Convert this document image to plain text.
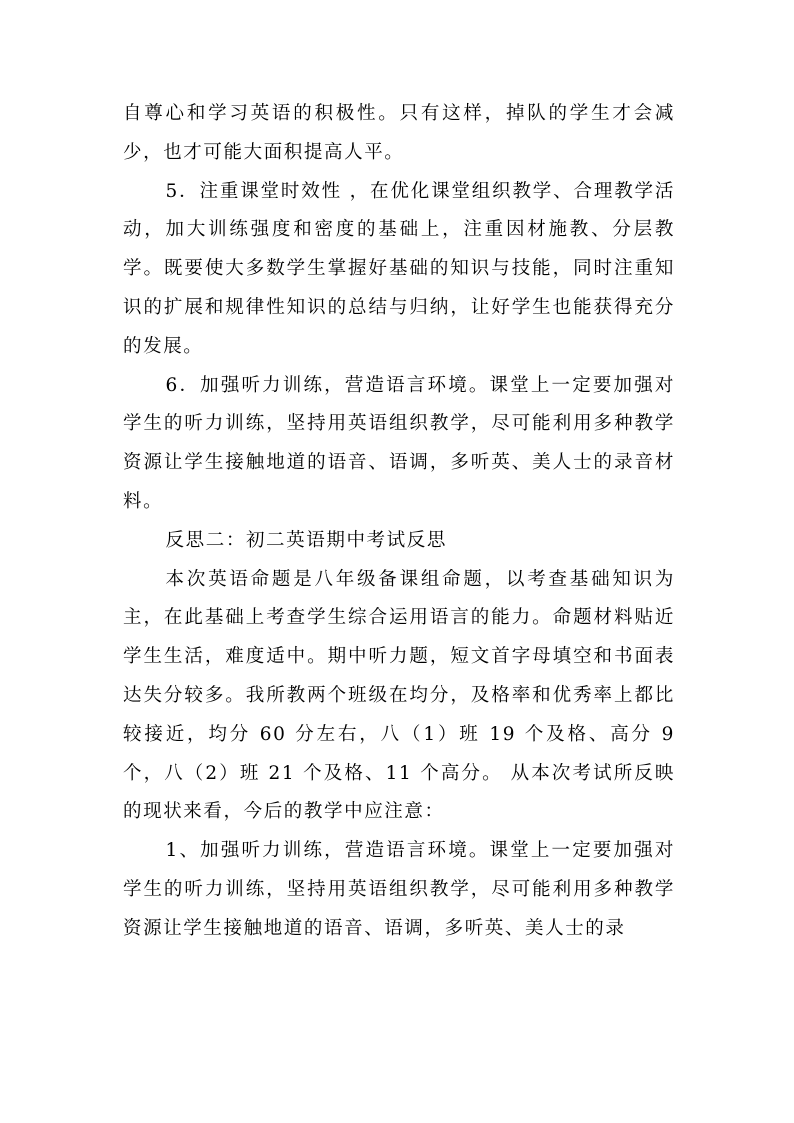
自尊心和学习英语的积极性。只有这样，掉队的学生才会减少，也才可能大面积提高人平。

5．注重课堂时效性 ，在优化课堂组织教学、合理教学活动，加大训练强度和密度的基础上，注重因材施教、分层教学。既要使大多数学生掌握好基础的知识与技能，同时注重知识的扩展和规律性知识的总结与归纳，让好学生也能获得充分的发展。

6．加强听力训练，营造语言环境。课堂上一定要加强对学生的听力训练，坚持用英语组织教学，尽可能利用多种教学资源让学生接触地道的语音、语调，多听英、美人士的录音材料。

反思二：初二英语期中考试反思

本次英语命题是八年级备课组命题，以考查基础知识为主，在此基础上考查学生综合运用语言的能力。命题材料贴近学生生活，难度适中。期中听力题，短文首字母填空和书面表达失分较多。我所教两个班级在均分，及格率和优秀率上都比较接近，均分 60 分左右，八（1）班 19 个及格、高分 9 个，八（2）班 21 个及格、11 个高分。 从本次考试所反映的现状来看，今后的教学中应注意：

1、加强听力训练，营造语言环境。课堂上一定要加强对学生的听力训练，坚持用英语组织教学，尽可能利用多种教学资源让学生接触地道的语音、语调，多听英、美人士的录
